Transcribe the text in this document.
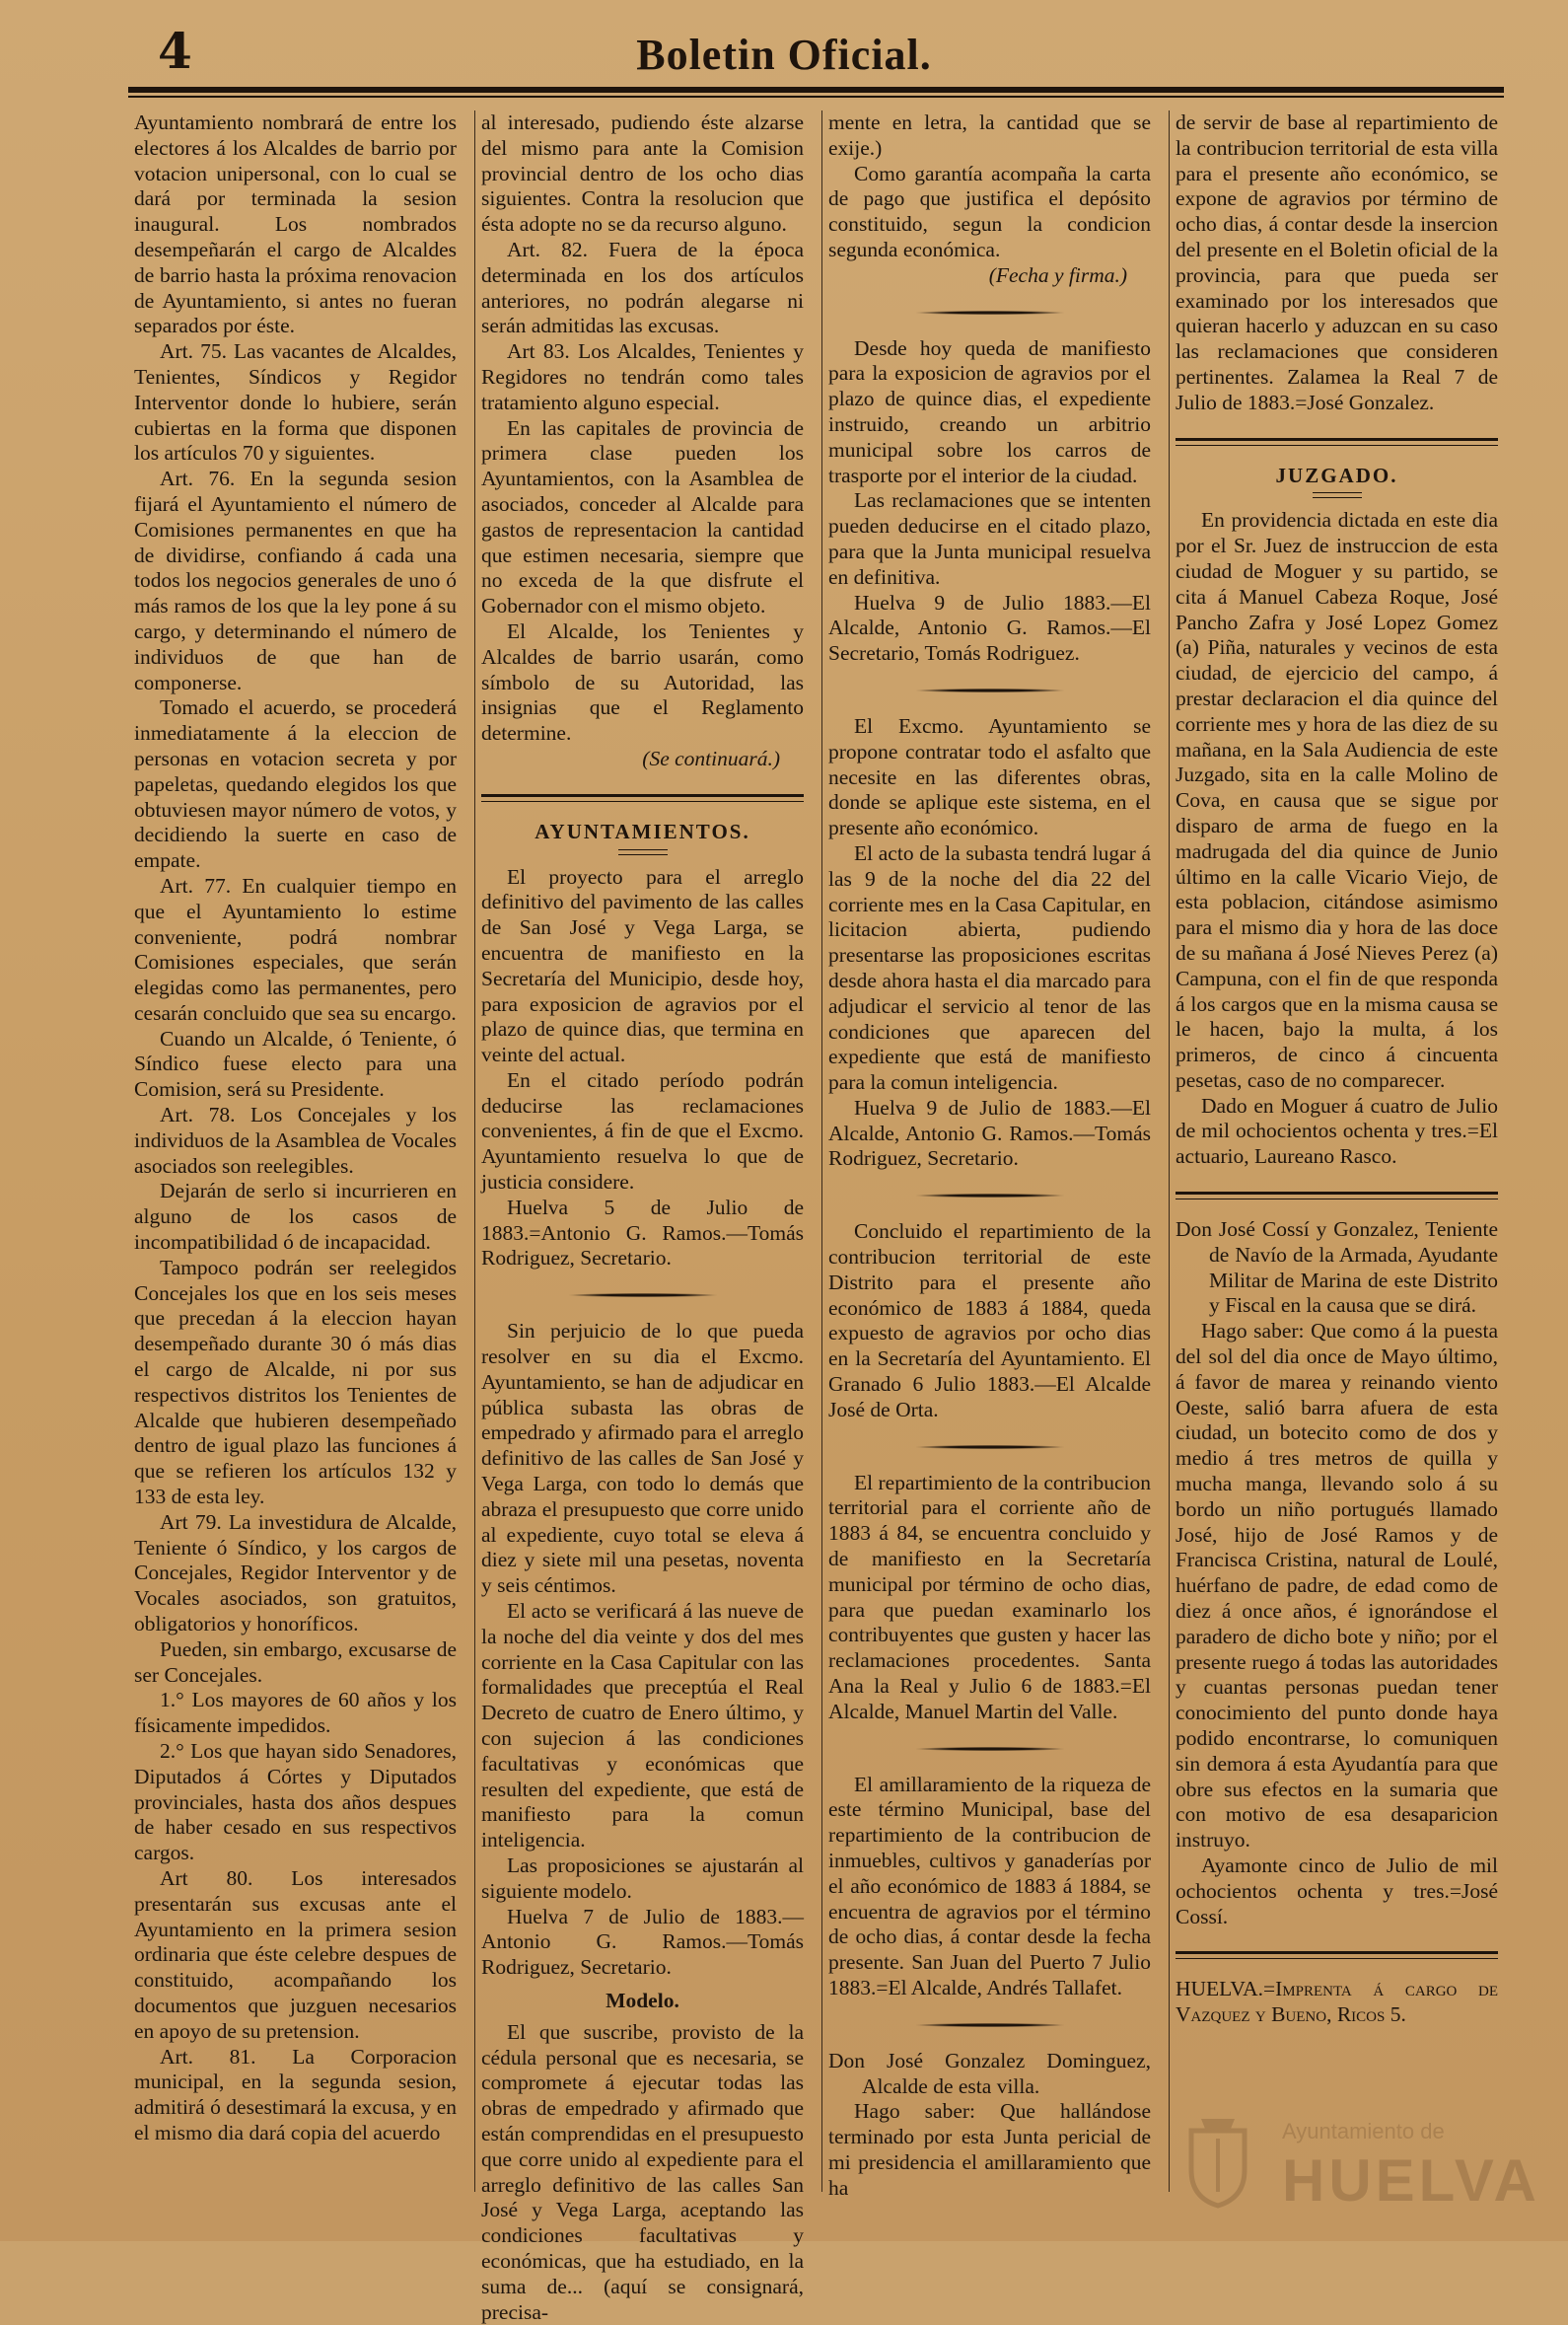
4	Boletin Oficial.

Ayuntamiento nombrará de entre los electores á los Alcaldes de barrio por votacion unipersonal, con lo cual se dará por terminada la sesion inaugural. Los nombrados desempeñarán el cargo de Alcaldes de barrio hasta la próxima renovacion de Ayuntamiento, si antes no fueran separados por éste.

Art. 75. Las vacantes de Alcaldes, Tenientes, Síndicos y Regidor Interventor donde lo hubiere, serán cubiertas en la forma que disponen los artículos 70 y siguientes.

Art. 76. En la segunda sesion fijará el Ayuntamiento el número de Comisiones permanentes en que ha de dividirse, confiando á cada una todos los negocios generales de uno ó más ramos de los que la ley pone á su cargo, y determinando el número de individuos de que han de componerse.

Tomado el acuerdo, se procederá inmediatamente á la eleccion de personas en votacion secreta y por papeletas, quedando elegidos los que obtuviesen mayor número de votos, y decidiendo la suerte en caso de empate.

Art. 77. En cualquier tiempo en que el Ayuntamiento lo estime conveniente, podrá nombrar Comisiones especiales, que serán elegidas como las permanentes, pero cesarán concluido que sea su encargo.

Cuando un Alcalde, ó Teniente, ó Síndico fuese electo para una Comision, será su Presidente.

Art. 78. Los Concejales y los individuos de la Asamblea de Vocales asociados son reelegibles.

Dejarán de serlo si incurrieren en alguno de los casos de incompatibilidad ó de incapacidad.

Tampoco podrán ser reelegidos Concejales los que en los seis meses que precedan á la eleccion hayan desempeñado durante 30 ó más dias el cargo de Alcalde, ni por sus respectivos distritos los Tenientes de Alcalde que hubieren desempeñado dentro de igual plazo las funciones á que se refieren los artículos 132 y 133 de esta ley.

Art 79. La investidura de Alcalde, Teniente ó Síndico, y los cargos de Concejales, Regidor Interventor y de Vocales asociados, son gratuitos, obligatorios y honoríficos.

Pueden, sin embargo, excusarse de ser Concejales.

1.° Los mayores de 60 años y los físicamente impedidos.

2.° Los que hayan sido Senadores, Diputados á Córtes y Diputados provinciales, hasta dos años despues de haber cesado en sus respectivos cargos.

Art 80. Los interesados presentarán sus excusas ante el Ayuntamiento en la primera sesion ordinaria que éste celebre despues de constituido, acompañando los documentos que juzguen necesarios en apoyo de su pretension.

Art. 81. La Corporacion municipal, en la segunda sesion, admitirá ó desestimará la excusa, y en el mismo dia dará copia del acuerdo

al interesado, pudiendo éste alzarse del mismo para ante la Comision provincial dentro de los ocho dias siguientes. Contra la resolucion que ésta adopte no se da recurso alguno.

Art. 82. Fuera de la época determinada en los dos artículos anteriores, no podrán alegarse ni serán admitidas las excusas.

Art 83. Los Alcaldes, Tenientes y Regidores no tendrán como tales tratamiento alguno especial.

En las capitales de provincia de primera clase pueden los Ayuntamientos, con la Asamblea de asociados, conceder al Alcalde para gastos de representacion la cantidad que estimen necesaria, siempre que no exceda de la que disfrute el Gobernador con el mismo objeto.

El Alcalde, los Tenientes y Alcaldes de barrio usarán, como símbolo de su Autoridad, las insignias que el Reglamento determine.

(Se continuará.)

AYUNTAMIENTOS.

El proyecto para el arreglo definitivo del pavimento de las calles de San José y Vega Larga, se encuentra de manifiesto en la Secretaría del Municipio, desde hoy, para exposicion de agravios por el plazo de quince dias, que termina en veinte del actual.

En el citado período podrán deducirse las reclamaciones convenientes, á fin de que el Excmo. Ayuntamiento resuelva lo que de justicia considere.

Huelva 5 de Julio de 1883.=Antonio G. Ramos.—Tomás Rodriguez, Secretario.

Sin perjuicio de lo que pueda resolver en su dia el Excmo. Ayuntamiento, se han de adjudicar en pública subasta las obras de empedrado y afirmado para el arreglo definitivo de las calles de San José y Vega Larga, con todo lo demás que abraza el presupuesto que corre unido al expediente, cuyo total se eleva á diez y siete mil una pesetas, noventa y seis céntimos.

El acto se verificará á las nueve de la noche del dia veinte y dos del mes corriente en la Casa Capitular con las formalidades que preceptúa el Real Decreto de cuatro de Enero último, y con sujecion á las condiciones facultativas y económicas que resulten del expediente, que está de manifiesto para la comun inteligencia.

Las proposiciones se ajustarán al siguiente modelo.

Huelva 7 de Julio de 1883.—Antonio G. Ramos.—Tomás Rodriguez, Secretario.

Modelo.

El que suscribe, provisto de la cédula personal que es necesaria, se compromete á ejecutar todas las obras de empedrado y afirmado que están comprendidas en el presupuesto que corre unido al expediente para el arreglo definitivo de las calles San José y Vega Larga, aceptando las condiciones facultativas y económicas, que ha estudiado, en la suma de... (aquí se consignará, precisa-

mente en letra, la cantidad que se exije.)

Como garantía acompaña la carta de pago que justifica el depósito constituido, segun la condicion segunda económica.

(Fecha y firma.)

Desde hoy queda de manifiesto para la exposicion de agravios por el plazo de quince dias, el expediente instruido, creando un arbitrio municipal sobre los carros de trasporte por el interior de la ciudad.

Las reclamaciones que se intenten pueden deducirse en el citado plazo, para que la Junta municipal resuelva en definitiva.

Huelva 9 de Julio 1883.—El Alcalde, Antonio G. Ramos.—El Secretario, Tomás Rodriguez.

El Excmo. Ayuntamiento se propone contratar todo el asfalto que necesite en las diferentes obras, donde se aplique este sistema, en el presente año económico.

El acto de la subasta tendrá lugar á las 9 de la noche del dia 22 del corriente mes en la Casa Capitular, en licitacion abierta, pudiendo presentarse las proposiciones escritas desde ahora hasta el dia marcado para adjudicar el servicio al tenor de las condiciones que aparecen del expediente que está de manifiesto para la comun inteligencia.

Huelva 9 de Julio de 1883.—El Alcalde, Antonio G. Ramos.—Tomás Rodriguez, Secretario.

Concluido el repartimiento de la contribucion territorial de este Distrito para el presente año económico de 1883 á 1884, queda expuesto de agravios por ocho dias en la Secretaría del Ayuntamiento. El Granado 6 Julio 1883.—El Alcalde José de Orta.

El repartimiento de la contribucion territorial para el corriente año de 1883 á 84, se encuentra concluido y de manifiesto en la Secretaría municipal por término de ocho dias, para que puedan examinarlo los contribuyentes que gusten y hacer las reclamaciones procedentes. Santa Ana la Real y Julio 6 de 1883.=El Alcalde, Manuel Martin del Valle.

El amillaramiento de la riqueza de este término Municipal, base del repartimiento de la contribucion de inmuebles, cultivos y ganaderías por el año económico de 1883 á 1884, se encuentra de agravios por el término de ocho dias, á contar desde la fecha presente. San Juan del Puerto 7 Julio 1883.=El Alcalde, Andrés Tallafet.

Don José Gonzalez Dominguez, Alcalde de esta villa.

Hago saber: Que hallándose terminado por esta Junta pericial de mi presidencia el amillaramiento que ha

de servir de base al repartimiento de la contribucion territorial de esta villa para el presente año económico, se expone de agravios por término de ocho dias, á contar desde la insercion del presente en el Boletin oficial de la provincia, para que pueda ser examinado por los interesados que quieran hacerlo y aduzcan en su caso las reclamaciones que consideren pertinentes. Zalamea la Real 7 de Julio de 1883.=José Gonzalez.

JUZGADO.

En providencia dictada en este dia por el Sr. Juez de instruccion de esta ciudad de Moguer y su partido, se cita á Manuel Cabeza Roque, José Pancho Zafra y José Lopez Gomez (a) Piña, naturales y vecinos de esta ciudad, de ejercicio del campo, á prestar declaracion el dia quince del corriente mes y hora de las diez de su mañana, en la Sala Audiencia de este Juzgado, sita en la calle Molino de Cova, en causa que se sigue por disparo de arma de fuego en la madrugada del dia quince de Junio último en la calle Vicario Viejo, de esta poblacion, citándose asimismo para el mismo dia y hora de las doce de su mañana á José Nieves Perez (a) Campuna, con el fin de que responda á los cargos que en la misma causa se le hacen, bajo la multa, á los primeros, de cinco á cincuenta pesetas, caso de no comparecer.

Dado en Moguer á cuatro de Julio de mil ochocientos ochenta y tres.=El actuario, Laureano Rasco.

Don José Cossí y Gonzalez, Teniente de Navío de la Armada, Ayudante Militar de Marina de este Distrito y Fiscal en la causa que se dirá.

Hago saber: Que como á la puesta del sol del dia once de Mayo último, á favor de marea y reinando viento Oeste, salió barra afuera de esta ciudad, un botecito como de dos y medio á tres metros de quilla y mucha manga, llevando solo á su bordo un niño portugués llamado José, hijo de José Ramos y de Francisca Cristina, natural de Loulé, huérfano de padre, de edad como de diez á once años, é ignorándose el paradero de dicho bote y niño; por el presente ruego á todas las autoridades y cuantas personas puedan tener conocimiento del punto donde haya podido encontrarse, lo comuniquen sin demora á esta Ayudantía para que obre sus efectos en la sumaria que con motivo de esa desaparicion instruyo.

Ayamonte cinco de Julio de mil ochocientos ochenta y tres.=José Cossí.

HUELVA.=Imprenta á cargo de Vazquez y Bueno, Ricos 5.

Ayuntamiento de
HUELVA
